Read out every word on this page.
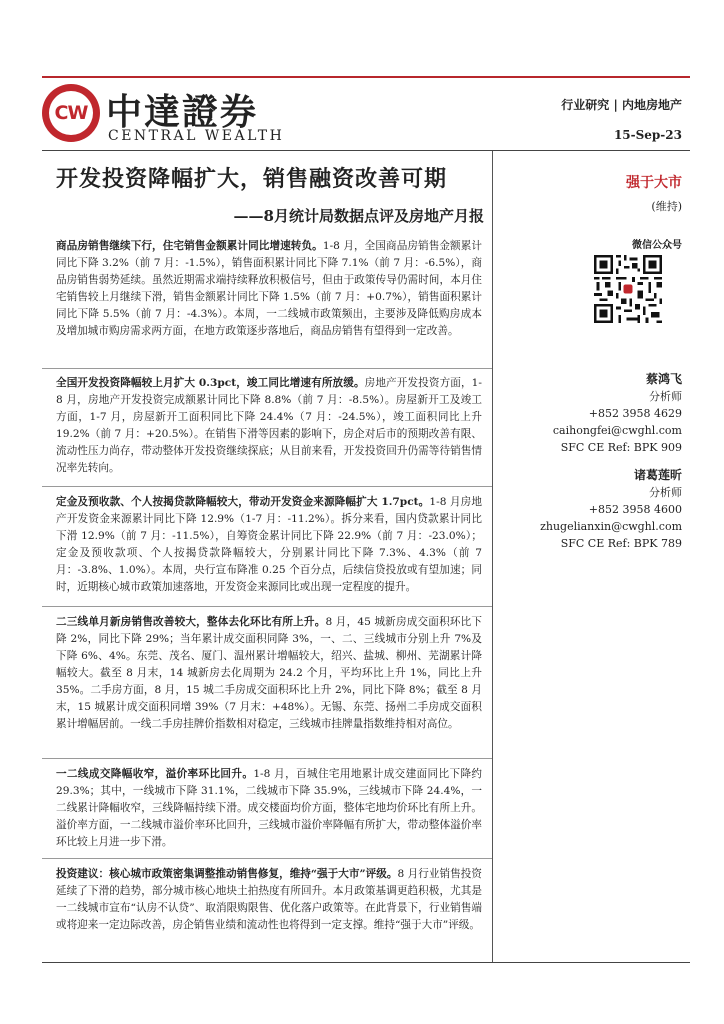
CW 中達證券
CENTRAL WEALTH
行业研究 | 内地房地产
15-Sep-23
开发投资降幅扩大，销售融资改善可期
——8月统计局数据点评及房地产月报
强于大市
(维持)
微信公众号
蔡鸿飞
分析师
+852 3958 4629
caihongfei@cwghl.com
SFC CE Ref: BPK 909
诸葛莲昕
分析师
+852 3958 4600
zhugelianxin@cwghl.com
SFC CE Ref: BPK 789

商品房销售继续下行，住宅销售金额累计同比增速转负。1-8 月，全国商品房销售金额累计同比下降 3.2%（前 7 月：-1.5%），销售面积累计同比下降 7.1%（前 7 月：-6.5%），商品房销售弱势延续。虽然近期需求端持续释放积极信号，但由于政策传导仍需时间，本月住宅销售较上月继续下滑，销售金额累计同比下降 1.5%（前 7 月：+0.7%），销售面积累计同比下降 5.5%（前 7 月：-4.3%）。本周，一二线城市政策频出，主要涉及降低购房成本及增加城市购房需求两方面，在地方政策逐步落地后，商品房销售有望得到一定改善。

全国开发投资降幅较上月扩大 0.3pct，竣工同比增速有所放缓。房地产开发投资方面，1-8 月，房地产开发投资完成额累计同比下降 8.8%（前 7 月：-8.5%）。房屋新开工及竣工方面，1-7 月，房屋新开工面积同比下降 24.4%（7 月：-24.5%），竣工面积同比上升 19.2%（前 7 月：+20.5%）。在销售下滑等因素的影响下，房企对后市的预期改善有限、流动性压力尚存，带动整体开发投资继续探底；从目前来看，开发投资回升仍需等待销售情况率先转向。

定金及预收款、个人按揭贷款降幅较大，带动开发资金来源降幅扩大 1.7pct。1-8 月房地产开发资金来源累计同比下降 12.9%（1-7 月：-11.2%）。拆分来看，国内贷款累计同比下滑 12.9%（前 7 月：-11.5%），自筹资金累计同比下降 22.9%（前 7 月：-23.0%）；定金及预收款项、个人按揭贷款降幅较大，分别累计同比下降 7.3%、4.3%（前 7 月：-3.8%、1.0%）。本周，央行宣布降准 0.25 个百分点，后续信贷投放或有望加速；同时，近期核心城市政策加速落地，开发资金来源同比或出现一定程度的提升。

二三线单月新房销售改善较大，整体去化环比有所上升。8 月，45 城新房成交面积环比下降 2%，同比下降 29%；当年累计成交面积同降 3%，一、二、三线城市分别上升 7%及下降 6%、4%。东莞、茂名、厦门、温州累计增幅较大，绍兴、盐城、柳州、芜湖累计降幅较大。截至 8 月末，14 城新房去化周期为 24.2 个月，平均环比上升 1%，同比上升 35%。二手房方面，8 月，15 城二手房成交面积环比上升 2%，同比下降 8%；截至 8 月末，15 城累计成交面积同增 39%（7 月末：+48%）。无锡、东莞、扬州二手房成交面积累计增幅居前。一线二手房挂牌价指数相对稳定，三线城市挂牌量指数维持相对高位。

一二线成交降幅收窄，溢价率环比回升。1-8 月，百城住宅用地累计成交建面同比下降约 29.3%；其中，一线城市下降 31.1%，二线城市下降 35.9%，三线城市下降 24.4%，一二线累计降幅收窄，三线降幅持续下滑。成交楼面均价方面，整体宅地均价环比有所上升。溢价率方面，一二线城市溢价率环比回升，三线城市溢价率降幅有所扩大，带动整体溢价率环比较上月进一步下滑。

投资建议：核心城市政策密集调整推动销售修复，维持“强于大市”评级。8 月行业销售投资延续了下滑的趋势，部分城市核心地块土拍热度有所回升。本月政策基调更趋积极，尤其是一二线城市宣布“认房不认贷”、取消限购限售、优化落户政策等。在此背景下，行业销售端或将迎来一定边际改善，房企销售业绩和流动性也将得到一定支撑。维持“强于大市”评级。
